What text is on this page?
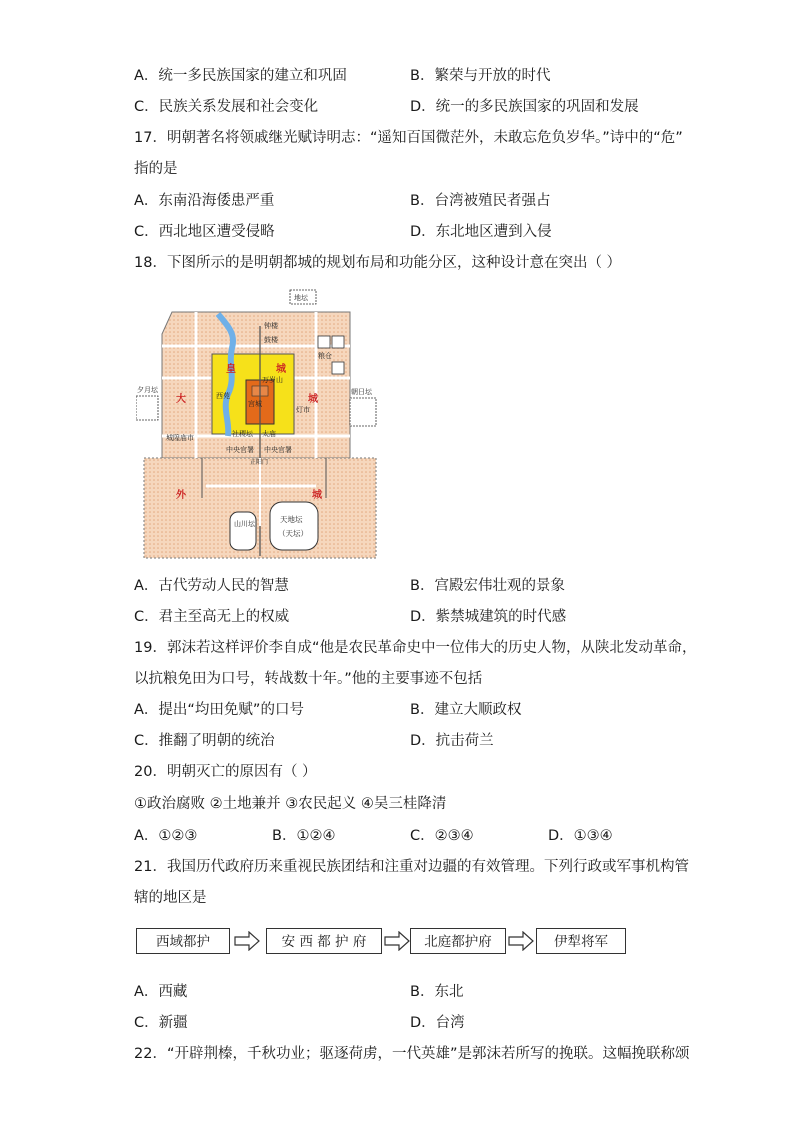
A．统一多民族国家的建立和巩固	B．繁荣与开放的时代
C．民族关系发展和社会变化	D．统一的多民族国家的巩固和发展
17．明朝著名将领戚继光赋诗明志：“遥知百国微茫外，未敢忘危负岁华。”诗中的“危”
指的是
A．东南沿海倭患严重	B．台湾被殖民者强占
C．西北地区遭受侵略	D．东北地区遭到入侵
18．下图所示的是明朝都城的规划布局和功能分区，这种设计意在突出（ ）
地坛
钟楼
鼓楼
粮仓
西苑
万岁山
宫城
夕月坛	朝日坛
灯市
社稷坛 太庙
城隍庙市
中央官署 中央官署
正阳门
山川坛	天地坛
（天坛）
皇	城
大	城
外	城
A．古代劳动人民的智慧	B．宫殿宏伟壮观的景象
C．君主至高无上的权威	D．紫禁城建筑的时代感
19．郭沫若这样评价李自成“他是农民革命史中一位伟大的历史人物，从陕北发动革命，
以抗粮免田为口号，转战数十年。”他的主要事迹不包括
A．提出“均田免赋”的口号	B．建立大顺政权
C．推翻了明朝的统治	D．抗击荷兰
20．明朝灭亡的原因有（ ）
①政治腐败 ②土地兼并 ③农民起义 ④吴三桂降清
A．①②③	B．①②④	C．②③④	D．①③④
21．我国历代政府历来重视民族团结和注重对边疆的有效管理。下列行政或军事机构管
辖的地区是
西域都护	安 西 都 护 府	北庭都护府	伊犁将军
A．西藏	B．东北
C．新疆	D．台湾
22．“开辟荆榛，千秋功业；驱逐荷虏，一代英雄”是郭沫若所写的挽联。这幅挽联称颂
